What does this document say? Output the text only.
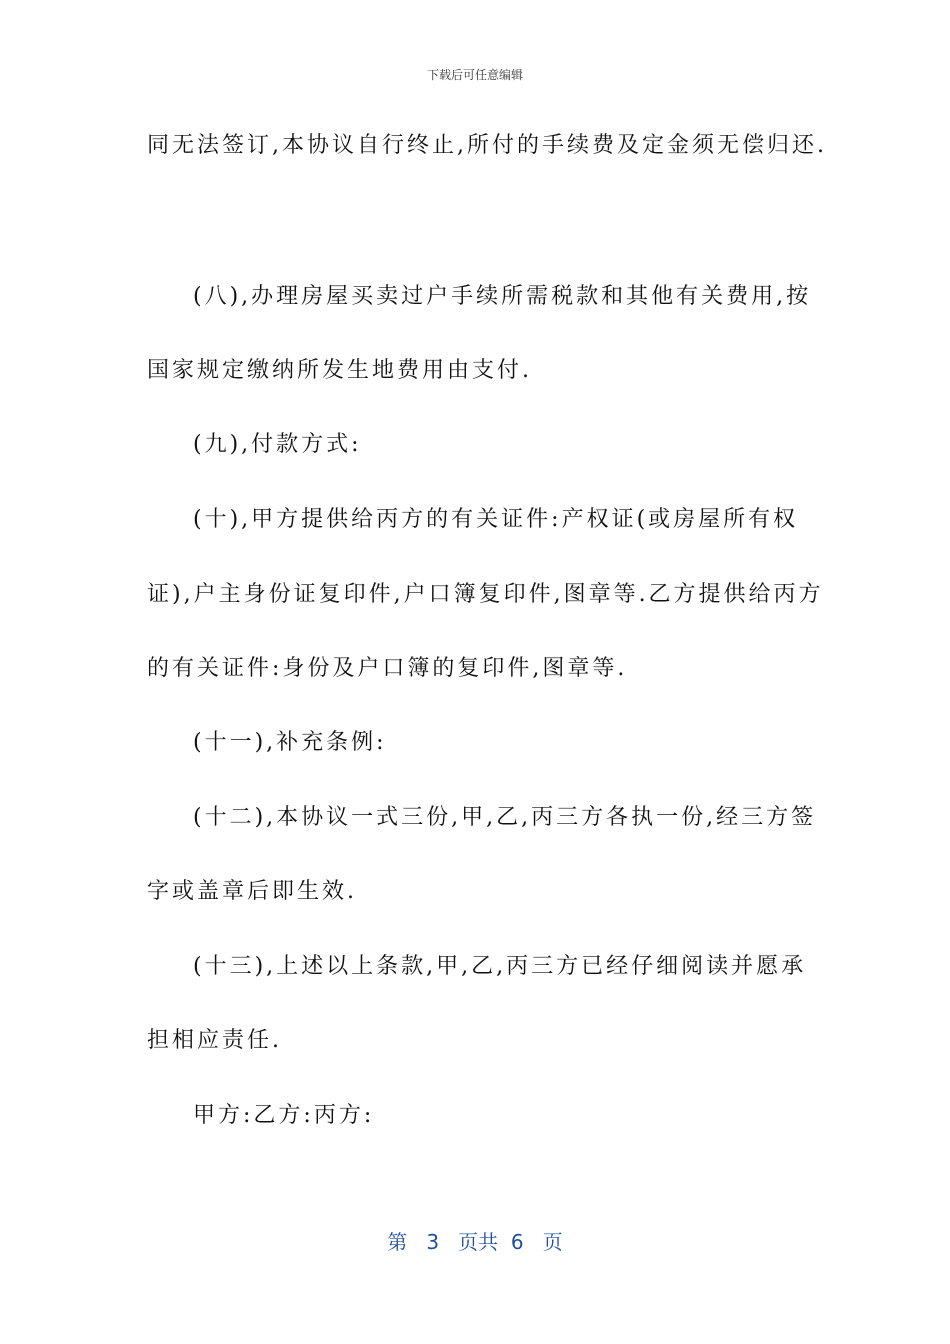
下载后可任意编辑
同无法签订,本协议自行终止,所付的手续费及定金须无偿归还.
(八),办理房屋买卖过户手续所需税款和其他有关费用,按
国家规定缴纳所发生地费用由支付.
(九),付款方式:
(十),甲方提供给丙方的有关证件:产权证(或房屋所有权
证),户主身份证复印件,户口簿复印件,图章等.乙方提供给丙方
的有关证件:身份及户口簿的复印件,图章等.
(十一),补充条例:
(十二),本协议一式三份,甲,乙,丙三方各执一份,经三方签
字或盖章后即生效.
(十三),上述以上条款,甲,乙,丙三方已经仔细阅读并愿承
担相应责任.
甲方:乙方:丙方:
第 3 页共 6 页
